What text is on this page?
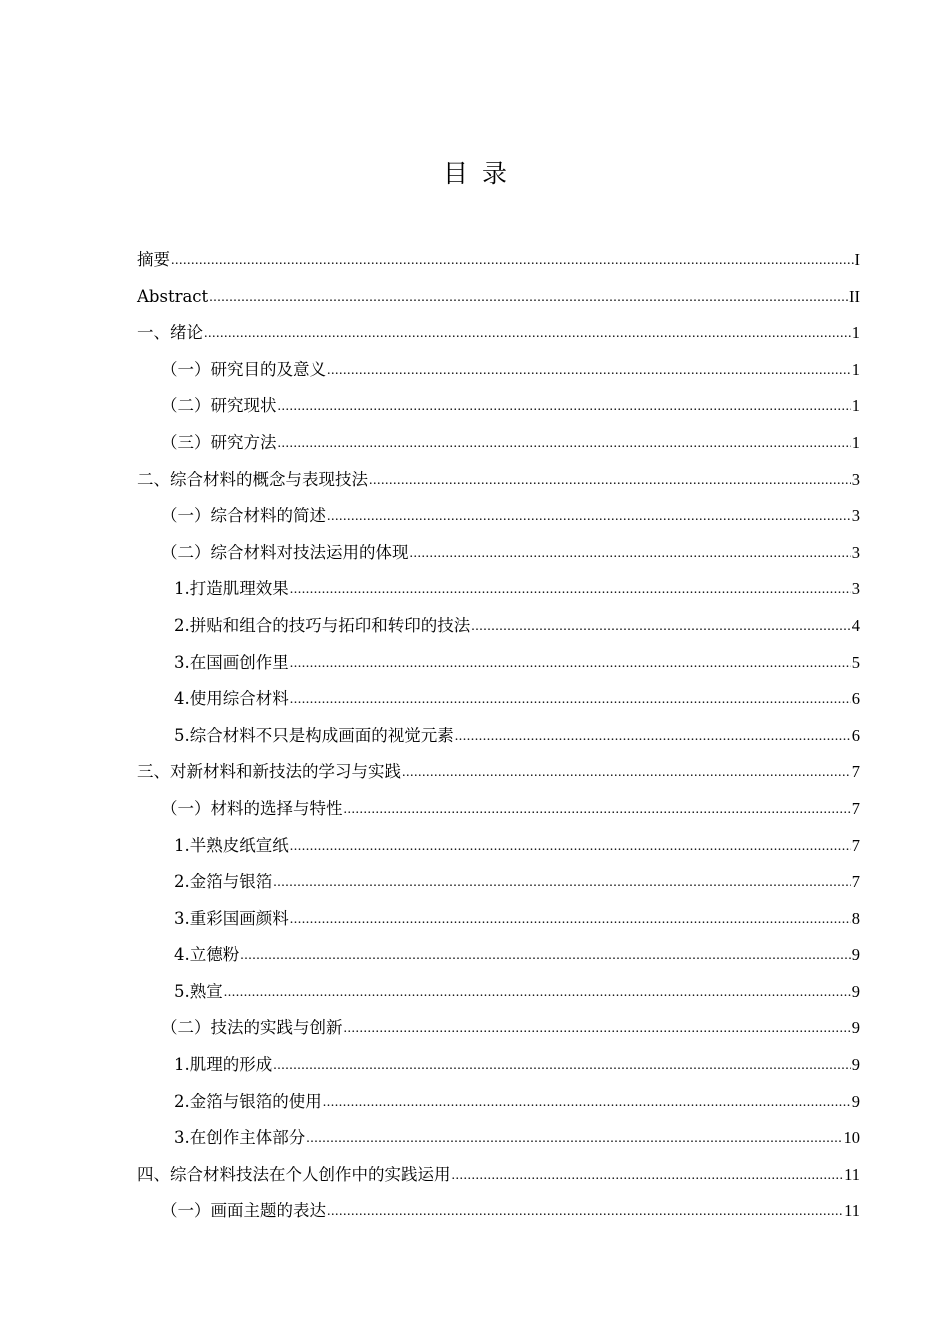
目录
摘要 .....	I
Abstract .....	II
一、绪论 .....	1
（一）研究目的及意义 .....	1
（二）研究现状 .....	1
（三）研究方法 .....	1
二、综合材料的概念与表现技法 .....	3
（一）综合材料的简述 .....	3
（二）综合材料对技法运用的体现 .....	3
1.打造肌理效果 .....	3
2.拼贴和组合的技巧与拓印和转印的技法 .....	4
3.在国画创作里 .....	5
4.使用综合材料 .....	6
5.综合材料不只是构成画面的视觉元素 .....	6
三、对新材料和新技法的学习与实践 .....	7
（一）材料的选择与特性 .....	7
1.半熟皮纸宣纸 .....	7
2.金箔与银箔 .....	7
3.重彩国画颜料 .....	8
4.立德粉 .....	9
5.熟宣 .....	9
（二）技法的实践与创新 .....	9
1.肌理的形成 .....	9
2.金箔与银箔的使用 .....	9
3.在创作主体部分 .....	10
四、综合材料技法在个人创作中的实践运用 .....	11
（一）画面主题的表达 .....	11
